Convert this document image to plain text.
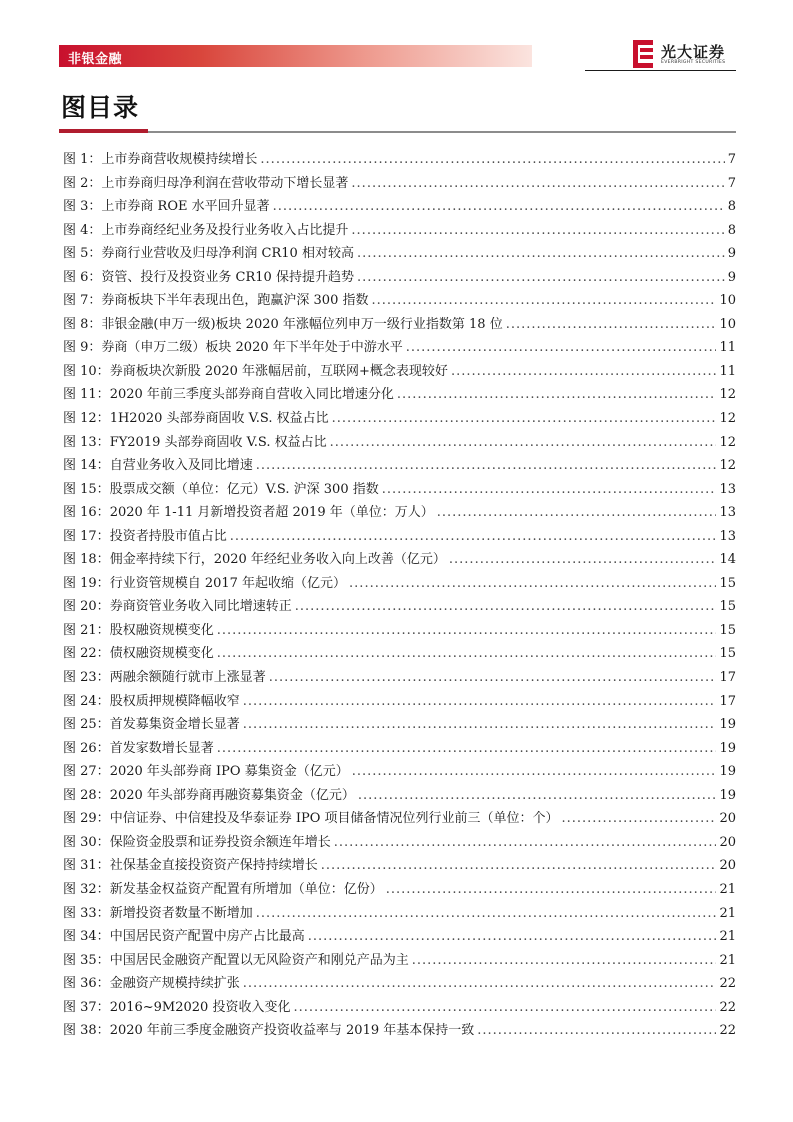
非银金融	光大证券
EVERBRIGHT SECURITIES
图目录
图 1： 上市券商营收规模持续增长 .....	7
图 2： 上市券商归母净利润在营收带动下增长显著 .....	7
图 3： 上市券商 ROE 水平回升显著 .....	8
图 4： 上市券商经纪业务及投行业务收入占比提升 .....	8
图 5： 券商行业营收及归母净利润 CR10 相对较高 .....	9
图 6： 资管、投行及投资业务 CR10 保持提升趋势 .....	9
图 7： 券商板块下半年表现出色，跑赢沪深 300 指数 .....	10
图 8： 非银金融(申万一级)板块 2020 年涨幅位列申万一级行业指数第 18 位 .....	10
图 9： 券商（申万二级）板块 2020 年下半年处于中游水平 .....	11
图 10： 券商板块次新股 2020 年涨幅居前，互联网+概念表现较好 .....	11
图 11： 2020 年前三季度头部券商自营收入同比增速分化 .....	12
图 12： 1H2020 头部券商固收 V.S. 权益占比 .....	12
图 13： FY2019 头部券商固收 V.S. 权益占比 .....	12
图 14： 自营业务收入及同比增速 .....	12
图 15： 股票成交额（单位：亿元）V.S. 沪深 300 指数 .....	13
图 16： 2020 年 1-11 月新增投资者超 2019 年（单位：万人） .....	13
图 17： 投资者持股市值占比 .....	13
图 18： 佣金率持续下行，2020 年经纪业务收入向上改善（亿元） .....	14
图 19： 行业资管规模自 2017 年起收缩（亿元） .....	15
图 20： 券商资管业务收入同比增速转正 .....	15
图 21： 股权融资规模变化 .....	15
图 22： 债权融资规模变化 .....	15
图 23： 两融余额随行就市上涨显著 .....	17
图 24： 股权质押规模降幅收窄 .....	17
图 25： 首发募集资金增长显著 .....	19
图 26： 首发家数增长显著 .....	19
图 27： 2020 年头部券商 IPO 募集资金（亿元） .....	19
图 28： 2020 年头部券商再融资募集资金（亿元） .....	19
图 29： 中信证券、中信建投及华泰证券 IPO 项目储备情况位列行业前三（单位：个） .....	20
图 30： 保险资金股票和证券投资余额连年增长 .....	20
图 31： 社保基金直接投资资产保持持续增长 .....	20
图 32： 新发基金权益资产配置有所增加（单位：亿份） .....	21
图 33： 新增投资者数量不断增加 .....	21
图 34： 中国居民资产配置中房产占比最高 .....	21
图 35： 中国居民金融资产配置以无风险资产和刚兑产品为主 .....	21
图 36： 金融资产规模持续扩张 .....	22
图 37： 2016~9M2020 投资收入变化 .....	22
图 38： 2020 年前三季度金融资产投资收益率与 2019 年基本保持一致 .....	22
